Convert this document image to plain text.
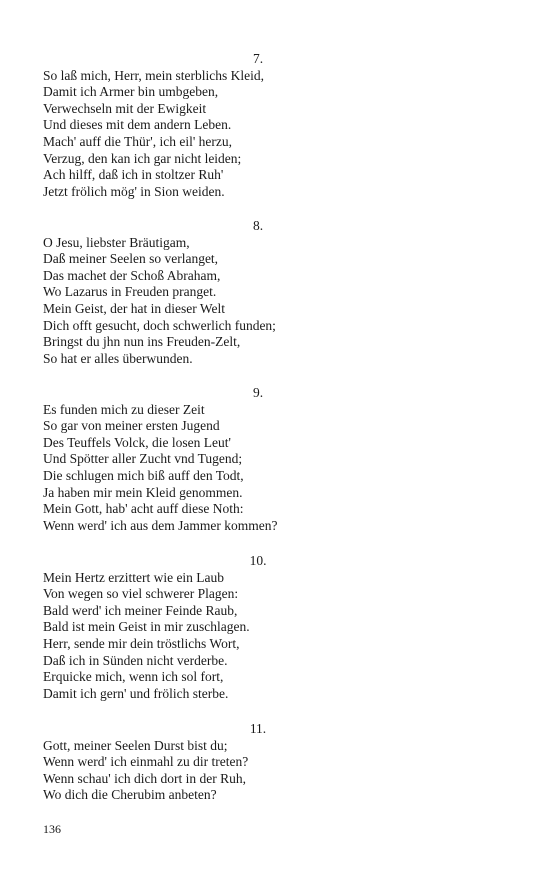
7.
So laß mich, Herr, mein sterblichs Kleid,
Damit ich Armer bin umbgeben,
Verwechseln mit der Ewigkeit
Und dieses mit dem andern Leben.
Mach' auff die Thür', ich eil' herzu,
Verzug, den kan ich gar nicht leiden;
Ach hilff, daß ich in stoltzer Ruh'
Jetzt frölich mög' in Sion weiden.
8.
O Jesu, liebster Bräutigam,
Daß meiner Seelen so verlanget,
Das machet der Schoß Abraham,
Wo Lazarus in Freuden pranget.
Mein Geist, der hat in dieser Welt
Dich offt gesucht, doch schwerlich funden;
Bringst du jhn nun ins Freuden-Zelt,
So hat er alles überwunden.
9.
Es funden mich zu dieser Zeit
So gar von meiner ersten Jugend
Des Teuffels Volck, die losen Leut'
Und Spötter aller Zucht vnd Tugend;
Die schlugen mich biß auff den Todt,
Ja haben mir mein Kleid genommen.
Mein Gott, hab' acht auff diese Noth:
Wenn werd' ich aus dem Jammer kommen?
10.
Mein Hertz erzittert wie ein Laub
Von wegen so viel schwerer Plagen:
Bald werd' ich meiner Feinde Raub,
Bald ist mein Geist in mir zuschlagen.
Herr, sende mir dein tröstlichs Wort,
Daß ich in Sünden nicht verderbe.
Erquicke mich, wenn ich sol fort,
Damit ich gern' und frölich sterbe.
11.
Gott, meiner Seelen Durst bist du;
Wenn werd' ich einmahl zu dir treten?
Wenn schau' ich dich dort in der Ruh,
Wo dich die Cherubim anbeten?
136
